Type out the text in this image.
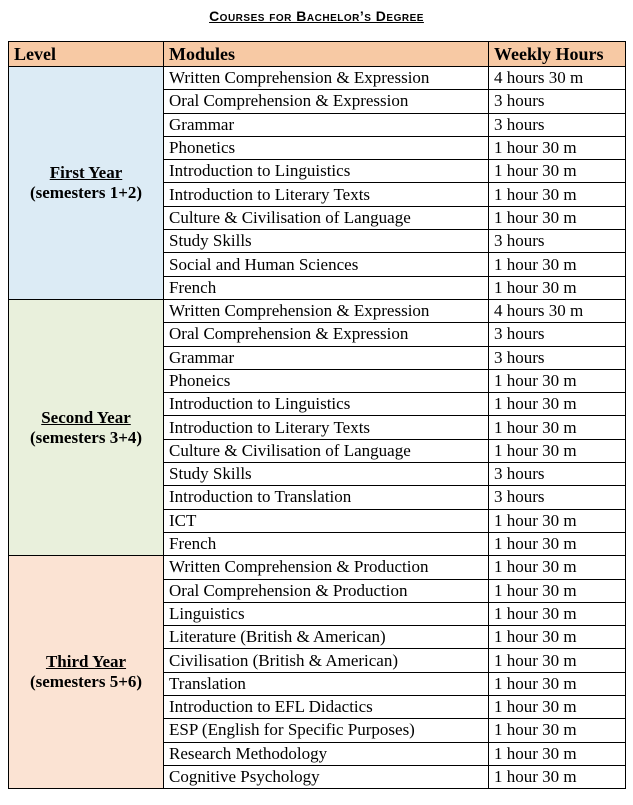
Courses for Bachelor’s Degree
Level	Modules	Weekly Hours

First Year
(semesters 1+2)	Written Comprehension & Expression	4 hours 30 m
	Oral Comprehension & Expression	3 hours
	Grammar	3 hours
	Phonetics	1 hour 30 m
	Introduction to Linguistics	1 hour 30 m
	Introduction to Literary Texts	1 hour 30 m
	Culture & Civilisation of Language	1 hour 30 m
	Study Skills	3 hours
	Social and Human Sciences	1 hour 30 m
	French	1 hour 30 m

Second Year
(semesters 3+4)	Written Comprehension & Expression	4 hours 30 m
	Oral Comprehension & Expression	3 hours
	Grammar	3 hours
	Phoneics	1 hour 30 m
	Introduction to Linguistics	1 hour 30 m
	Introduction to Literary Texts	1 hour 30 m
	Culture & Civilisation of Language	1 hour 30 m
	Study Skills	3 hours
	Introduction to Translation	3 hours
	ICT	1 hour 30 m
	French	1 hour 30 m

Third Year
(semesters 5+6)	Written Comprehension & Production	1 hour 30 m
	Oral Comprehension & Production	1 hour 30 m
	Linguistics	1 hour 30 m
	Literature (British & American)	1 hour 30 m
	Civilisation (British & American)	1 hour 30 m
	Translation	1 hour 30 m
	Introduction to EFL Didactics	1 hour 30 m
	ESP (English for Specific Purposes)	1 hour 30 m
	Research Methodology	1 hour 30 m
	Cognitive Psychology	1 hour 30 m
